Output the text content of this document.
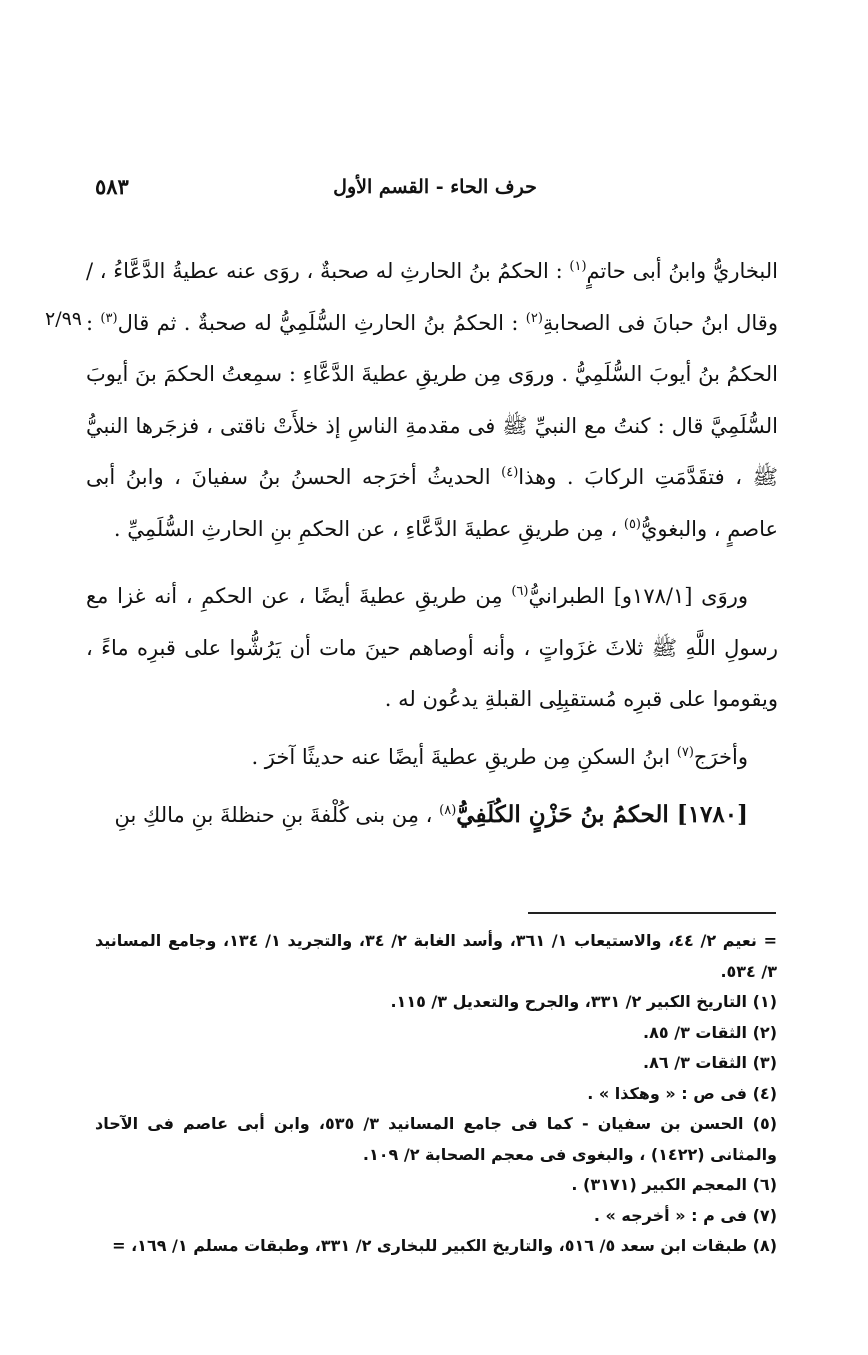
حرف الحاء - القسم الأول
٥٨٣
٢/٩٩

البخاريُّ وابنُ أبى حاتمٍ$^{(١)}$ : الحكمُ بنُ الحارثِ له صحبةٌ ، روَى عنه عطيةُ الدَّعَّاءُ ، /وقال ابنُ حبانَ فى الصحابةِ$^{(٢)}$ : الحكمُ بنُ الحارثِ السُّلَمِيُّ له صحبةٌ . ثم قال$^{(٣)}$ : الحكمُ بنُ أيوبَ السُّلَمِيُّ . وروَى مِن طريقِ عطيةَ الدَّعَّاءِ : سمِعتُ الحكمَ بنَ أيوبَ السُّلَمِيَّ قال : كنتُ مع النبيِّ ﷺ فى مقدمةِ الناسِ إذ خلأَتْ ناقتى ، فزجَرها النبيُّ ﷺ ، فتقَدَّمَتِ الركابَ . وهذا$^{(٤)}$ الحديثُ أخرَجه الحسنُ بنُ سفيانَ ، وابنُ أبى عاصمٍ ، والبغويُّ$^{(٥)}$ ، مِن طريقِ عطيةَ الدَّعَّاءِ ، عن الحكمِ بنِ الحارثِ السُّلَمِيِّ .

وروَى [١٧٨/١و] الطبرانيُّ$^{(٦)}$ مِن طريقِ عطيةَ أيضًا ، عن الحكمِ ، أنه غزا مع رسولِ اللَّهِ ﷺ ثلاثَ غزَواتٍ ، وأنه أوصاهم حينَ مات أن يَرُشُّوا على قبرِه ماءً ، ويقوموا على قبرِه مُستقبِلِى القبلةِ يدعُون له .

وأخرَج$^{(٧)}$ ابنُ السكنِ مِن طريقِ عطيةَ أيضًا عنه حديثًا آخرَ .

[١٧٨٠] الحكمُ بنُ حَزْنٍ الكُلَفِيُّ$^{(٨)}$ ، مِن بنى كُلْفةَ بنِ حنظلةَ بنِ مالكِ بنِ

= نعيم ٢/ ٤٤، والاستيعاب ١/ ٣٦١، وأسد الغابة ٢/ ٣٤، والتجريد ١/ ١٣٤، وجامع المسانيد ٣/ ٥٣٤.

(١) التاريخ الكبير ٢/ ٣٣١، والجرح والتعديل ٣/ ١١٥.

(٢) الثقات ٣/ ٨٥.

(٣) الثقات ٣/ ٨٦.

(٤) فى ص : « وهكذا » .

(٥) الحسن بن سفيان - كما فى جامع المسانيد ٣/ ٥٣٥، وابن أبى عاصم فى الآحاد والمثانى (١٤٢٢) ، والبغوى فى معجم الصحابة ٢/ ١٠٩.

(٦) المعجم الكبير (٣١٧١) .

(٧) فى م : « أخرجه » .

(٨) طبقات ابن سعد ٥/ ٥١٦، والتاريخ الكبير للبخارى ٢/ ٣٣١، وطبقات مسلم ١/ ١٦٩، =
